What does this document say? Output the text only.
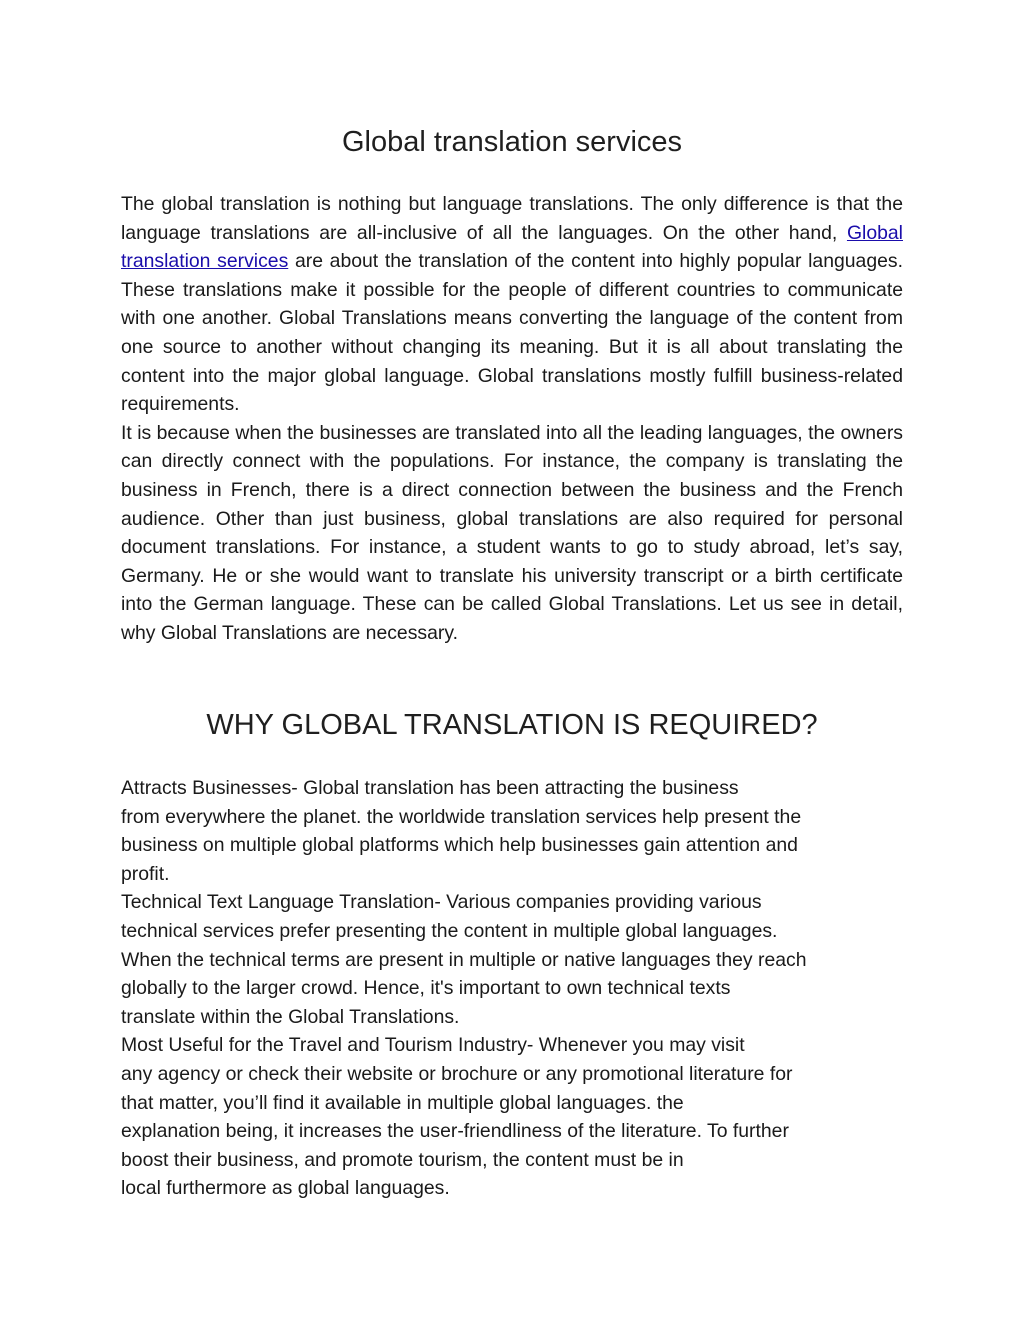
Global translation services

The global translation is nothing but language translations. The only difference is that the language translations are all-inclusive of all the languages. On the other hand, Global translation services are about the translation of the content into highly popular languages. These translations make it possible for the people of different countries to communicate with one another. Global Translations means converting the language of the content from one source to another without changing its meaning. But it is all about translating the content into the major global language. Global translations mostly fulfill business-related requirements.

It is because when the businesses are translated into all the leading languages, the owners can directly connect with the populations. For instance, the company is translating the business in French, there is a direct connection between the business and the French audience. Other than just business, global translations are also required for personal document translations. For instance, a student wants to go to study abroad, let’s say, Germany. He or she would want to translate his university transcript or a birth certificate into the German language. These can be called Global Translations. Let us see in detail, why Global Translations are necessary.

WHY GLOBAL TRANSLATION IS REQUIRED?
Attracts Businesses- Global translation has been attracting the business
from everywhere the planet. the worldwide translation services help present the
business on multiple global platforms which help businesses gain attention and
profit.
Technical Text Language Translation- Various companies providing various
technical services prefer presenting the content in multiple global languages.
When the technical terms are present in multiple or native languages they reach
globally to the larger crowd. Hence, it's important to own technical texts
translate within the Global Translations.
Most Useful for the Travel and Tourism Industry- Whenever you may visit
any agency or check their website or brochure or any promotional literature for
that matter, you’ll find it available in multiple global languages. the
explanation being, it increases the user-friendliness of the literature. To further
boost their business, and promote tourism, the content must be in
local furthermore as global languages.
